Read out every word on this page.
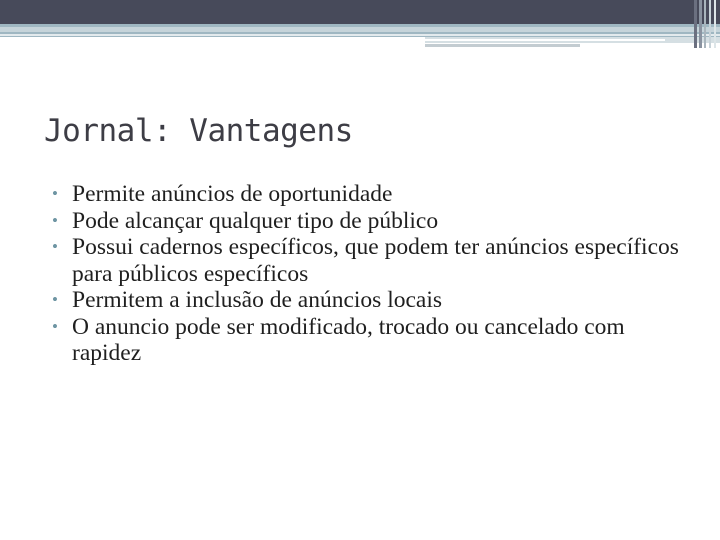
Jornal: Vantagens
• Permite anúncios de oportunidade
• Pode alcançar qualquer tipo de público
• Possui cadernos específicos, que podem ter anúncios específicos para públicos específicos
• Permitem a inclusão de anúncios locais
• O anuncio pode ser modificado, trocado ou cancelado com rapidez
